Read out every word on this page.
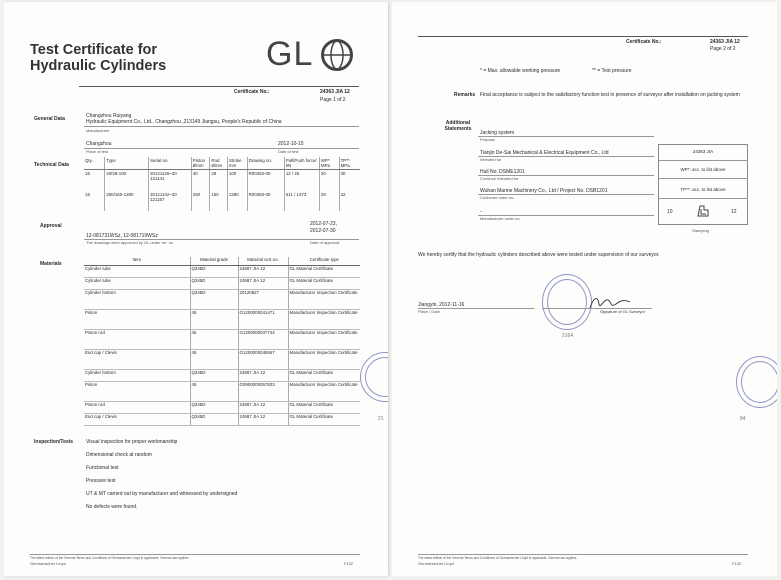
Test Certificate for
Hydraulic Cylinders	GL
Certificate No.:	24363 JIA 12
Page 1 of 2
General Data	Changzhou Ruiyang
Hydraulic Equipment Co., Ltd., Changzhou ,213149 Jiangsu, People's Republic of China
Manufacturer
Changzhou	2012-10-15
Place of test	Date of test
Technical Data
Qty.	Type	Serial no.	Piston Ømm	Rod Ømm	Stroke mm	Drawing no.	Pull/Push force/ kN	WP* MPa	TP** MPa
16	40/28-100	20121126~20 121141	40	28	100	R00392-00	12 / 25	20	30
16	250/160-1280	20121142~20 121157	250	160	1280	R00393-00	611 / 1373	28	42
Approval
12-081731WSz, 12-081719WSz
2012-07-23,
2012-07-30
The drawings were approved by GL under ref. no.	Date of approval
Materials
Item	Material grade	Material cert.no.	Certificate type
Cylinder tube	Q345D	24887 JIA 12	GL Material Certificate
Cylinder tube	Q345D	24887 JIA 12	GL Material Certificate
Cylinder bottom	Q345D	20120827	Manufacturer Inspection Certificate
Piston	45	G1200000041471	Manufacturer Inspection Certificate
Piston rod	45	G1200000037744	Manufacturer Inspection Certificate
End cap / Clevis	45	G1200000045567	Manufacturer Inspection Certificate
Cylinder bottom	Q345D	24887 JIA 12	GL Material Certificate
Piston	45	G0900000057833	Manufacturer Inspection Certificate
Piston rod	Q345D	24887 JIA 12	GL Material Certificate
End cap / Clevis	Q345D	24887 JIA 12	GL Material Certificate
Inspection/Tests	Visual inspection for proper workmanship
Dimensional check at random
Functional test
Pressure test
UT & MT carried out by manufacturer and witnessed by undersigned
No defects were found.
21
The latest edition of the General Terms and Conditions of Germanischer Lloyd is applicable. German law applies.
Germanischer Lloyd	F132
Certificate No.:	24363 JIA 12
Page 2 of 2
* = Max. allowable working pressure	** = Test pressure
Remarks Final acceptance is subject to the satisfactory function test in presence of surveyor after installation on jacking system
Additional Statements
Jacking system
Purpose
Tianjin De-Sai Mechanical & Electrical Equipment Co., Ltd
Intended for
Hull No. DSME1201
Continue Intended for
Wuhan Marine Machinery Co., Ltd / Project No. DSB1201
Customer order no.
-
Manufacturer order no.
24363 JIA
WP*: acc. to list above
TP**: acc. to list above
10	12
Stamping
We hereby certify that the hydraulic cylinders described above were tested under supervision of our surveyor.
Jiangyin, 2012-11-16
Place / Date	Signature of GL Surveyor
2164
84
The latest edition of the General Terms and Conditions of Germanischer Lloyd is applicable. German law applies.
Germanischer Lloyd	F132
